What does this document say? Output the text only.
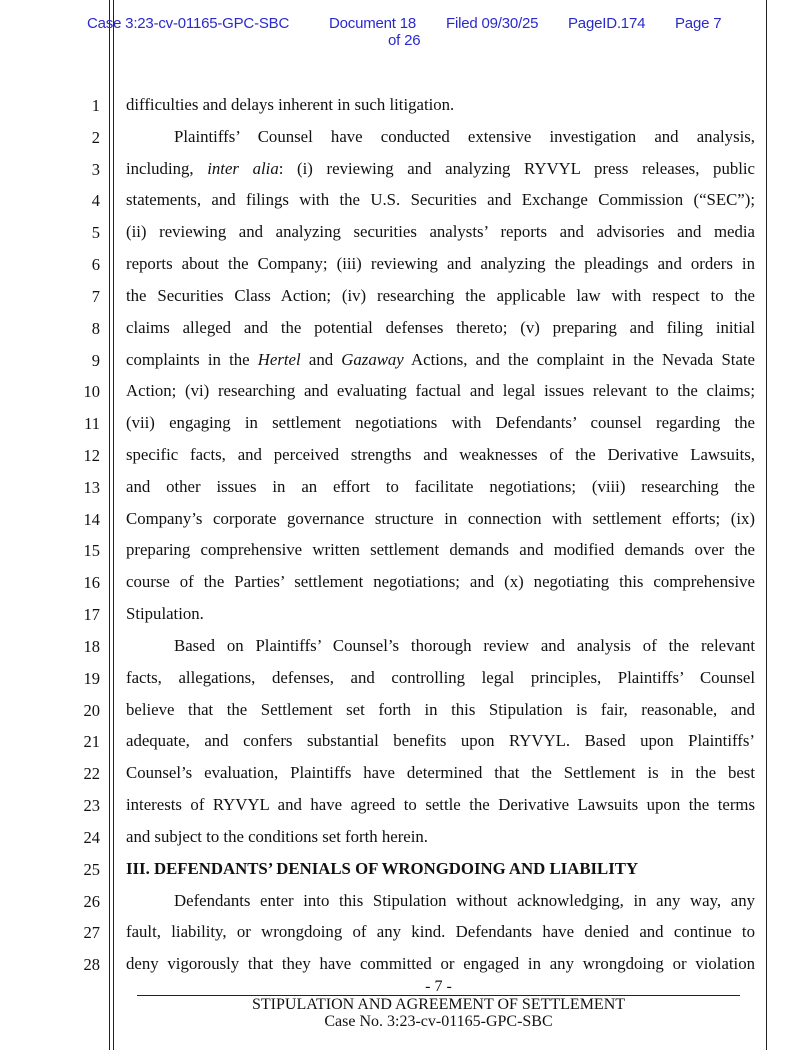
Case 3:23-cv-01165-GPC-SBC	Document 18 Filed 09/30/25 PageID.174 Page 7
of 26
1 difficulties and delays inherent in such litigation.
2	Plaintiffs’ Counsel have conducted extensive investigation and analysis,
3 including, inter alia: (i) reviewing and analyzing RYVYL press releases, public
4 statements, and filings with the U.S. Securities and Exchange Commission (“SEC”);
5 (ii) reviewing and analyzing securities analysts’ reports and advisories and media
6 reports about the Company; (iii) reviewing and analyzing the pleadings and orders in
7 the Securities Class Action; (iv) researching the applicable law with respect to the
8 claims alleged and the potential defenses thereto; (v) preparing and filing initial
9 complaints in the Hertel and Gazaway Actions, and the complaint in the Nevada State
10 Action; (vi) researching and evaluating factual and legal issues relevant to the claims;
11 (vii) engaging in settlement negotiations with Defendants’ counsel regarding the
12 specific facts, and perceived strengths and weaknesses of the Derivative Lawsuits,
13 and other issues in an effort to facilitate negotiations; (viii) researching the
14 Company’s corporate governance structure in connection with settlement efforts; (ix)
15 preparing comprehensive written settlement demands and modified demands over the
16 course of the Parties’ settlement negotiations; and (x) negotiating this comprehensive
17 Stipulation.
18	Based on Plaintiffs’ Counsel’s thorough review and analysis of the relevant
19 facts, allegations, defenses, and controlling legal principles, Plaintiffs’ Counsel
20 believe that the Settlement set forth in this Stipulation is fair, reasonable, and
21 adequate, and confers substantial benefits upon RYVYL. Based upon Plaintiffs’
22 Counsel’s evaluation, Plaintiffs have determined that the Settlement is in the best
23 interests of RYVYL and have agreed to settle the Derivative Lawsuits upon the terms
24 and subject to the conditions set forth herein.
25 III. DEFENDANTS’ DENIALS OF WRONGDOING AND LIABILITY
26	Defendants enter into this Stipulation without acknowledging, in any way, any
27 fault, liability, or wrongdoing of any kind. Defendants have denied and continue to
28 deny vigorously that they have committed or engaged in any wrongdoing or violation
- 7 -
STIPULATION AND AGREEMENT OF SETTLEMENT
Case No. 3:23-cv-01165-GPC-SBC
